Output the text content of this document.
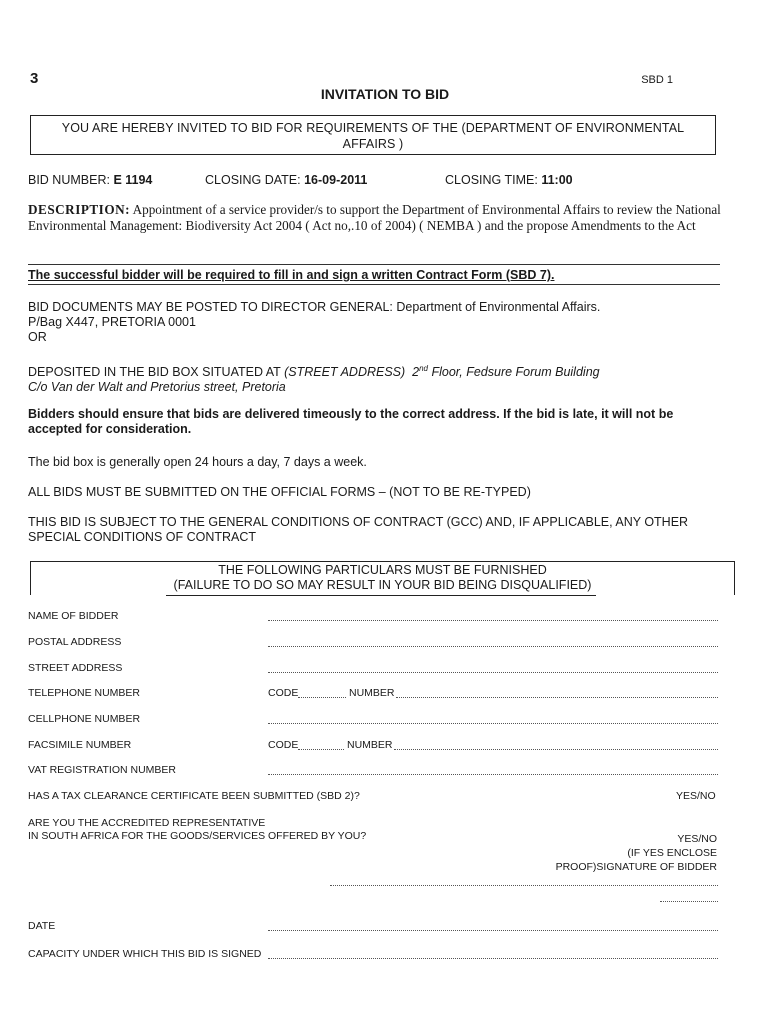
3	SBD 1
INVITATION TO BID
YOU ARE HEREBY INVITED TO BID FOR REQUIREMENTS OF THE (DEPARTMENT OF ENVIRONMENTAL
AFFAIRS )
BID NUMBER: E 1194	CLOSING DATE: 16-09-2011	CLOSING TIME: 11:00
DESCRIPTION: Appointment of a service provider/s to support the Department of Environmental Affairs to review the National Environmental Management: Biodiversity Act 2004 ( Act no,.10 of 2004) ( NEMBA ) and the propose Amendments to the Act
The successful bidder will be required to fill in and sign a written Contract Form (SBD 7).
BID DOCUMENTS MAY BE POSTED TO DIRECTOR GENERAL: Department of Environmental Affairs.
P/Bag X447, PRETORIA 0001
OR
DEPOSITED IN THE BID BOX SITUATED AT (STREET ADDRESS) 2nd Floor, Fedsure Forum Building
C/o Van der Walt and Pretorius street, Pretoria
Bidders should ensure that bids are delivered timeously to the correct address. If the bid is late, it will not be accepted for consideration.
The bid box is generally open 24 hours a day, 7 days a week.
ALL BIDS MUST BE SUBMITTED ON THE OFFICIAL FORMS – (NOT TO BE RE-TYPED)
THIS BID IS SUBJECT TO THE GENERAL CONDITIONS OF CONTRACT (GCC) AND, IF APPLICABLE, ANY OTHER
SPECIAL CONDITIONS OF CONTRACT
THE FOLLOWING PARTICULARS MUST BE FURNISHED
(FAILURE TO DO SO MAY RESULT IN YOUR BID BEING DISQUALIFIED)
NAME OF BIDDER
POSTAL ADDRESS
STREET ADDRESS
TELEPHONE NUMBER	CODE	NUMBER
CELLPHONE NUMBER
FACSIMILE NUMBER	CODE	NUMBER
VAT REGISTRATION NUMBER
HAS A TAX CLEARANCE CERTIFICATE BEEN SUBMITTED (SBD 2)?	YES/NO
ARE YOU THE ACCREDITED REPRESENTATIVE
IN SOUTH AFRICA FOR THE GOODS/SERVICES OFFERED BY YOU?	YES/NO
(IF YES ENCLOSE
PROOF)SIGNATURE OF BIDDER
DATE
CAPACITY UNDER WHICH THIS BID IS SIGNED
